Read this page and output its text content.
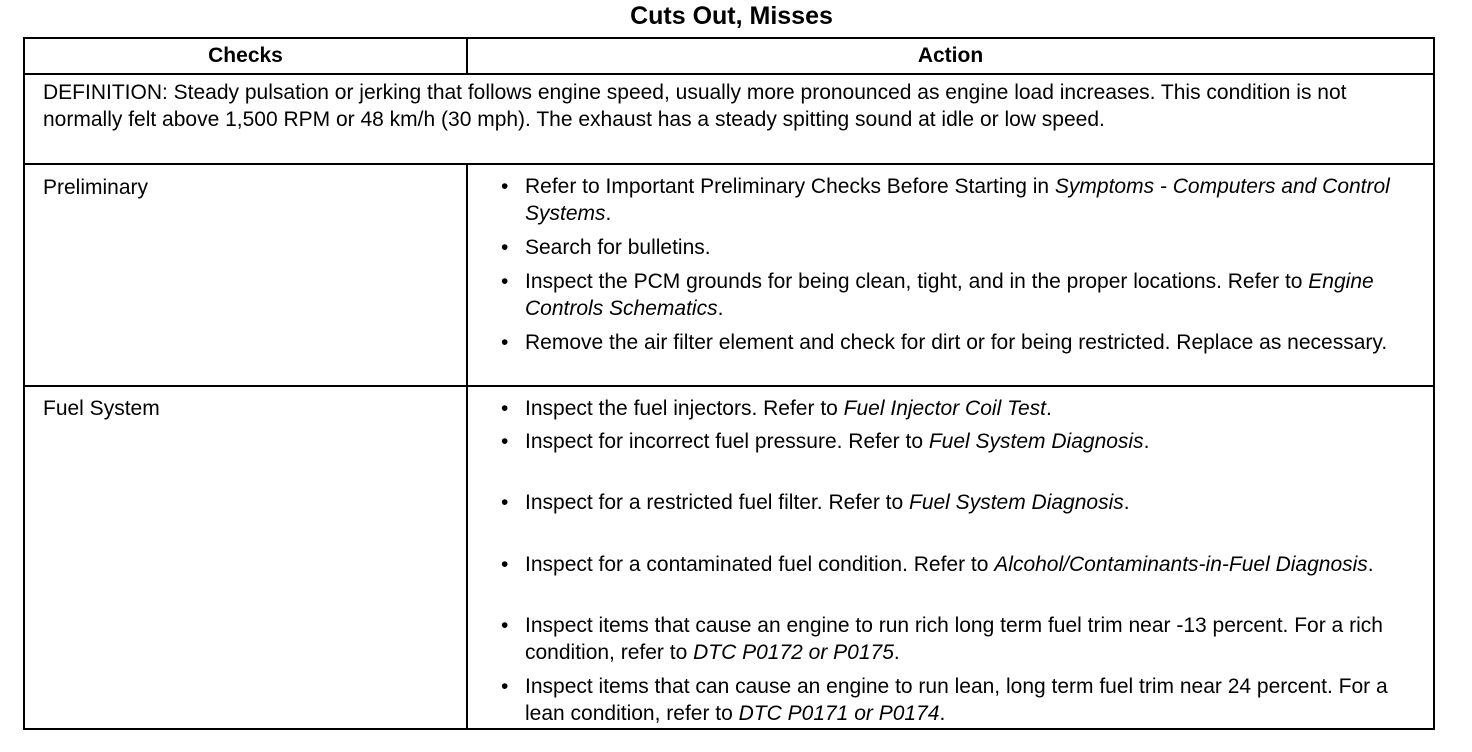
Cuts Out, Misses
Checks	Action
DEFINITION: Steady pulsation or jerking that follows engine speed, usually more pronounced as engine load increases. This condition is not normally felt above 1,500 RPM or 48 km/h (30 mph). The exhaust has a steady spitting sound at idle or low speed.
Preliminary	• Refer to Important Preliminary Checks Before Starting in Symptoms - Computers and Control Systems.
• Search for bulletins.
• Inspect the PCM grounds for being clean, tight, and in the proper locations. Refer to Engine Controls Schematics.
• Remove the air filter element and check for dirt or for being restricted. Replace as necessary.
Fuel System	• Inspect the fuel injectors. Refer to Fuel Injector Coil Test.
• Inspect for incorrect fuel pressure. Refer to Fuel System Diagnosis.
• Inspect for a restricted fuel filter. Refer to Fuel System Diagnosis.
• Inspect for a contaminated fuel condition. Refer to Alcohol/Contaminants-in-Fuel Diagnosis.
• Inspect items that cause an engine to run rich long term fuel trim near -13 percent. For a rich condition, refer to DTC P0172 or P0175.
• Inspect items that can cause an engine to run lean, long term fuel trim near 24 percent. For a lean condition, refer to DTC P0171 or P0174.
